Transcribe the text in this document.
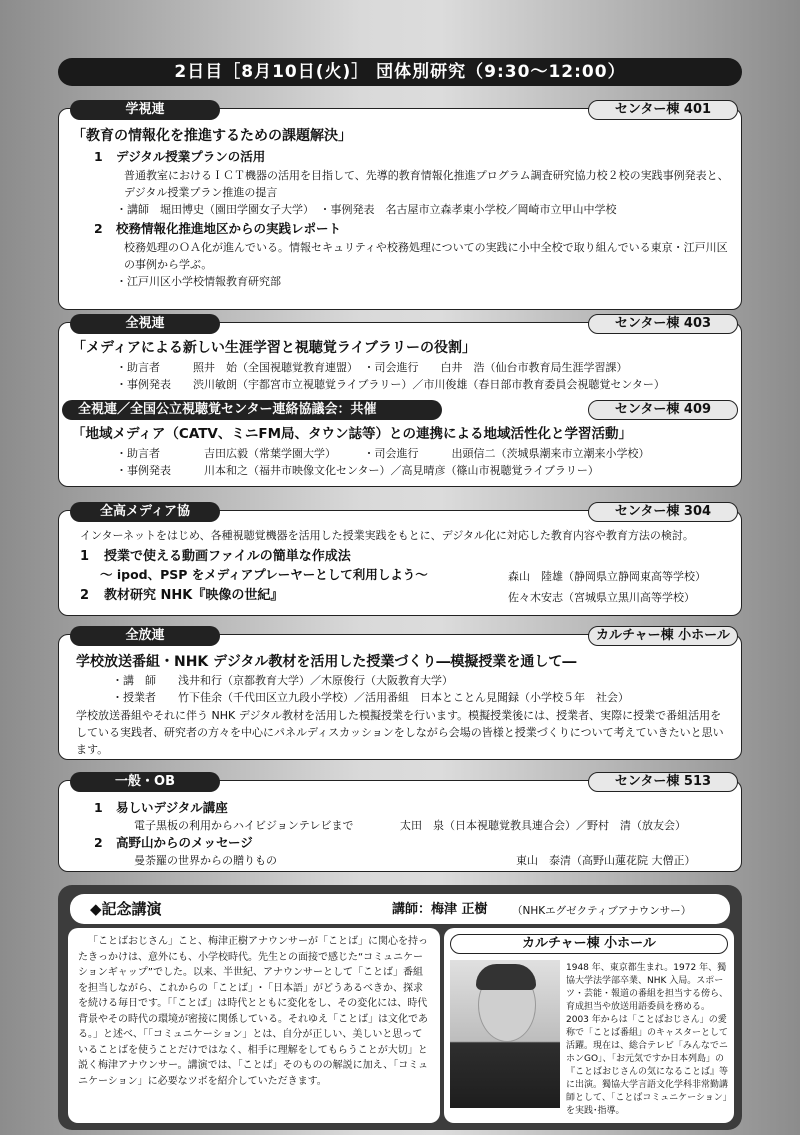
2日目［8月10日(火)］ 団体別研究（9:30～12:00）
学視連	センター棟 401
「教育の情報化を推進するための課題解決」
1 デジタル授業プランの活用
普通教室におけるＩＣＴ機器の活用を目指して、先導的教育情報化推進プログラム調査研究協力校２校の実践事例発表と、デジタル授業プラン推進の提言
・講師　堀田博史（園田学園女子大学）　・事例発表　名古屋市立森孝東小学校／岡崎市立甲山中学校
2 校務情報化推進地区からの実践レポート
校務処理のＯＡ化が進んでいる。情報セキュリティや校務処理についての実践に小中全校で取り組んでいる東京・江戸川区の事例から学ぶ。
・江戸川区小学校情報教育研究部
全視連	センター棟 403
「メディアによる新しい生涯学習と視聴覚ライブラリーの役割」
・助言者　　　照井　始（全国視聴覚教育連盟）　・司会進行　　白井　浩（仙台市教育局生涯学習課）
・事例発表　　渋川敏朗（宇都宮市立視聴覚ライブラリー）／市川俊雄（春日部市教育委員会視聴覚センター）
全視連／全国公立視聴覚センター連絡協議会：共催	センター棟 409
「地域メディア（CATV、ミニFM局、タウン誌等）との連携による地域活性化と学習活動」
・助言者　　　　吉田広毅（常葉学園大学）　　　・司会進行　　　出頭信二（茨城県潮来市立潮来小学校）
・事例発表　　　川本和之（福井市映像文化センター）／高見晴彦（篠山市視聴覚ライブラリー）
全高メディア協	センター棟 304
インターネットをはじめ、各種視聴覚機器を活用した授業実践をもとに、デジタル化に対応した教育内容や教育方法の検討。
1 授業で使える動画ファイルの簡単な作成法
～ ipod、PSP をメディアプレーヤーとして利用しよう～	森山　陸雄（静岡県立静岡東高等学校）
2 教材研究 NHK『映像の世紀』	佐々木安志（宮城県立黒川高等学校）
全放連	カルチャー棟 小ホール
学校放送番組・NHK デジタル教材を活用した授業づくり―模擬授業を通して―
・講　師　　浅井和行（京都教育大学）／木原俊行（大阪教育大学）
・授業者　　竹下佳余（千代田区立九段小学校）／活用番組　日本とことん見聞録（小学校５年　社会）
学校放送番組やそれに伴う NHK デジタル教材を活用した模擬授業を行います。模擬授業後には、授業者、実際に授業で番組活用をしている実践者、研究者の方々を中心にパネルディスカッションをしながら会場の皆様と授業づくりについて考えていきたいと思います。
一般・OB	センター棟 513
1 易しいデジタル講座
電子黒板の利用からハイビジョンテレビまで	太田　泉（日本視聴覚教具連合会）／野村　清（放友会）
2 高野山からのメッセージ
曼荼羅の世界からの贈りもの	東山　泰清（高野山蓮花院 大僧正）
◆記念講演	講師：梅津 正樹 （NHKエグゼクティブアナウンサー）
「ことばおじさん」こと、梅津正樹アナウンサーが「ことば」に関心を持ったきっかけは、意外にも、小学校時代。先生との面接で感じた“コミュニケーションギャップ”でした。以来、半世紀、アナウンサーとして「ことば」番組を担当しながら、これからの「ことば」･「日本語」がどうあるべきか、探求を続ける毎日です。「「ことば」は時代とともに変化をし、その変化には、時代背景やその時代の環境が密接に関係している。それゆえ「ことば」は文化である。」と述べ、「「コミュニケーション」とは、自分が正しい、美しいと思っていることばを使うことだけではなく、相手に理解をしてもらうことが大切」と説く梅津アナウンサー。講演では、「ことば」そのものの解説に加え、「コミュニケーション」に必要なツボを紹介していただきます。
カルチャー棟 小ホール
1948 年、東京都生まれ。1972 年、獨協大学法学部卒業、NHK 入局。スポーツ・芸能・報道の番組を担当する傍ら、育成担当や放送用語委員を務める。2003 年からは「ことばおじさん」の愛称で「ことば番組」のキャスターとして活躍。現在は、総合テレビ「みんなでニホンGO」、「お元気ですか日本列島」の『ことばおじさんの気になることば』等に出演。獨協大学言語文化学科非常勤講師として、「ことばコミュニケーション」を実践･指導。
